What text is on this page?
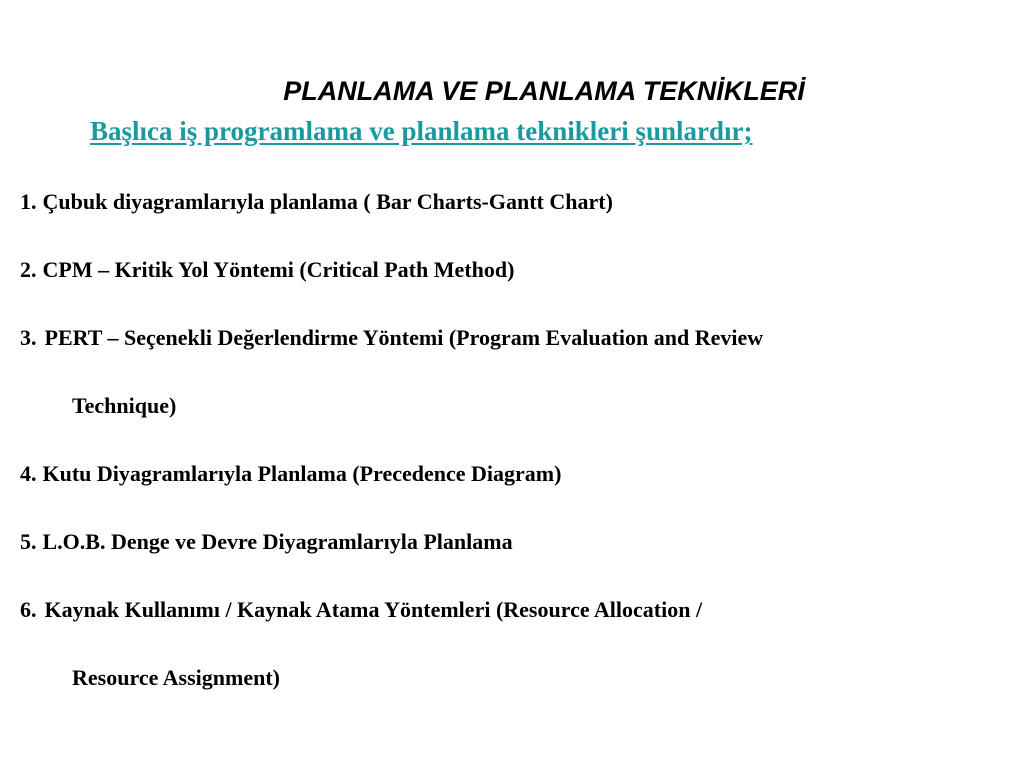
PLANLAMA VE PLANLAMA TEKNİKLERİ
Başlıca iş programlama ve planlama teknikleri şunlardır;
1. Çubuk diyagramlarıyla planlama ( Bar Charts-Gantt Chart)
2. CPM – Kritik Yol Yöntemi (Critical Path Method)
3. PERT – Seçenekli Değerlendirme Yöntemi (Program Evaluation and Review
Technique)
4. Kutu Diyagramlarıyla Planlama (Precedence Diagram)
5. L.O.B. Denge ve Devre Diyagramlarıyla Planlama
6. Kaynak Kullanımı / Kaynak Atama Yöntemleri (Resource Allocation /
Resource Assignment)
